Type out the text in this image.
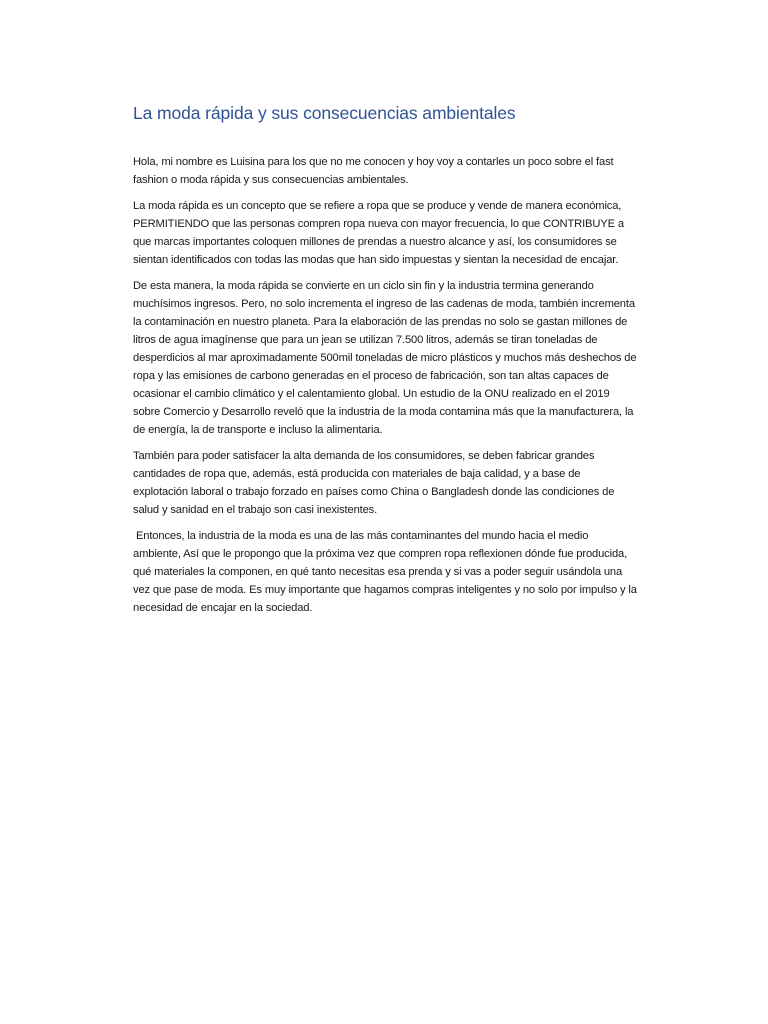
La moda rápida y sus consecuencias ambientales

Hola, mi nombre es Luisina para los que no me conocen y hoy voy a contarles un poco sobre el fast fashion o moda rápida y sus consecuencias ambientales.

La moda rápida es un concepto que se refiere a ropa que se produce y vende de manera económica, PERMITIENDO que las personas compren ropa nueva con mayor frecuencia, lo que CONTRIBUYE a que marcas importantes coloquen millones de prendas a nuestro alcance y así, los consumidores se sientan identificados con todas las modas que han sido impuestas y sientan la necesidad de encajar.

De esta manera, la moda rápida se convierte en un ciclo sin fin y la industria termina generando muchísimos ingresos. Pero, no solo incrementa el ingreso de las cadenas de moda, también incrementa la contaminación en nuestro planeta. Para la elaboración de las prendas no solo se gastan millones de litros de agua imagínense que para un jean se utilizan 7.500 litros, además se tiran toneladas de desperdicios al mar aproximadamente 500mil toneladas de micro plásticos y muchos más deshechos de ropa y las emisiones de carbono generadas en el proceso de fabricación, son tan altas capaces de ocasionar el cambio climático y el calentamiento global. Un estudio de la ONU realizado en el 2019 sobre Comercio y Desarrollo reveló que la industria de la moda contamina más que la manufacturera, la de energía, la de transporte e incluso la alimentaria.

También para poder satisfacer la alta demanda de los consumidores, se deben fabricar grandes cantidades de ropa que, además, está producida con materiales de baja calidad, y a base de explotación laboral o trabajo forzado en países como China o Bangladesh donde las condiciones de salud y sanidad en el trabajo son casi inexistentes.

Entonces, la industria de la moda es una de las más contaminantes del mundo hacia el medio ambiente, Así que le propongo que la próxima vez que compren ropa reflexionen dónde fue producida, qué materiales la componen, en qué tanto necesitas esa prenda y si vas a poder seguir usándola una vez que pase de moda. Es muy importante que hagamos compras inteligentes y no solo por impulso y la necesidad de encajar en la sociedad.
